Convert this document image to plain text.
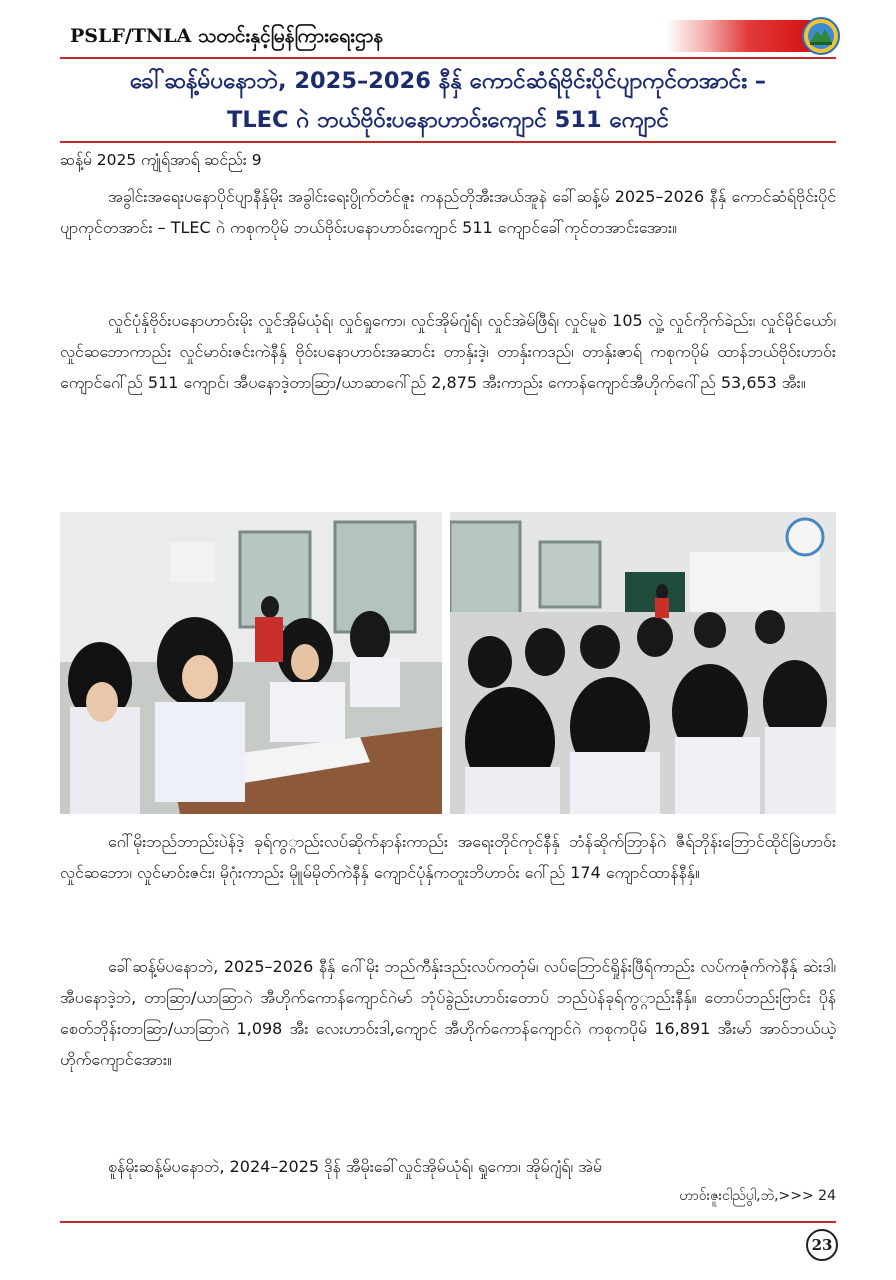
PSLF/TNLA သတင်းနှင့်မြန်ကြားရေးဌာန
ခေါ်ဆန့်မ်ပနောဘဲ, 2025–2026 နီနှ် ကောင်ဆံရ်ဗိုင်းပိုင်ပျာကုင်တအာင်း –
TLEC ဂဲ ဘယ်ဗိုဝ်းပနောဟာဝ်းကျောင် 511 ကျောင်
ဆန့်မ် 2025 ကျုံရ်အာရ် ဆင်ည်း 9

အခွါင်းအရေးပနောပိုင်ပျာနီနှ်မိုး အခွါင်းရေးပွိုက်တံင်ဇူး ကနည်တိုအီးအယ်အူနဲ ခေါ်ဆန့်မ် 2025–2026 နီနှ် ကောင်ဆံရ်ဗိုင်းပိုင်ပျာကုင်တအာင်း – TLEC ဂဲ ကစုကပိုမ် ဘယ်ဗိုဝ်းပနောဟာဝ်းကျောင် 511 ကျောင်ခေါ်ကုင်တအာင်းအေား။

လှုင်ပုံနှ်ဗိုဝ်းပနောဟာဝ်းမိုး လှုင်အိုမ်ယုံရ်၊ လှုင်ရှုကော၊ လှုင်အိုမ်ဂျံရ်၊ လှုင်အဲမ်ဖြီရ်၊ လှုင်မူစဲ 105 လှုဲ့ လှုင်ကိုက်ခဲည်း၊ လှုင်မိုင်ယော်၊ လှုင်ဆဘောကာည်း လှုင်မာဝ်းဇင်းကဲနီနှ် ဗိုဝ်းပနောဟာဝ်းအဆာင်း တာနှ်းဒဲ့၊ တာနှ်းကဒည်၊ တာနှ်းဇာရ် ကစုကပိုမ် ထာန်ဘယ်ဗိုဝ်းဟာဝ်းကျောင်ဂေါ်ည် 511 ကျောင်၊ အီပနောဒဲ့တာဆြာ/ယာဆာဂေါ်ည် 2,875 အီးကာည်း ကောန်ကျောင်အီဟိုက်ဂေါ်ည် 53,653 အီး။

ဂေါ်မိုးဘည်ဘာည်းပဲန်ဒဲ့ ခုရ်ကွ္ဂာည်းလပ်ဆိုက်နာန်းကာည်း အရေးတိုင်ကုင်နီနှ် ဘံန်ဆိုက်ဘြာန်ဂဲ ဇီရ်ဘိုန်းဘြောင်ထိုင်ခြဲဟာဝ်း လှုင်ဆဘော၊ လှုင်မာဝ်းဇင်း၊ မိုဂုံးကာည်း မိုူမ်မိုတ်ကဲနီနှ် ကျောင်ပုံနှ်ကတူးဘိဟာဝ်း ဂေါ်ည် 174 ကျောင်ထာန်နီနှ်။

ခေါ်ဆန့်မ်ပနောဘဲ, 2025–2026 နီနှ် ဂေါ်မိုး ဘည်ကီနှ်းဒည်းလပ်ကတုံမ်၊ လပ်ဘြောင်ရှိုန်းဖြီရ်ကာည်း လပ်ကဇုံက်ကဲနီနှ် ဆဲးဒါ၊ အီပနောဒဲ့ဘဲ, တာဆြာ/ယာဆြာဂဲ အီဟိုက်ကောန်ကျောင်ဂဲမာ် ဘုံပ်ခွဲည်းဟာဝ်းတောပ် ဘည်ပဲန်ခုရ်ကွ္ဂာည်းနီနှ်။ တောပ်ဘည်းဗြာင်း ပိုန်စေတ်ဘိုန်းတာဆြာ/ယာဆြာဂဲ 1,098 အီး လေးဟာဝ်းဒါ,ကျောင် အီဟိုက်ကောန်ကျောင်ဂဲ ကစုကပိုမ် 16,891 အီးမာ် အာဝ်ဘယ်ယဲ့ဟိုက်ကျောင်အေား။

စူန်မိုးဆန့်မ်ပနောဘဲ, 2024–2025 ဒိုန် အီမိုးခေါ်လှုင်အိုမ်ယုံရ်၊ ရှုကော၊ အိုမ်ဂျံရ်၊ အဲမ်

ဟာဝ်းဇူးငါည်ပွါ,ဘဲ,>>> 24
23
